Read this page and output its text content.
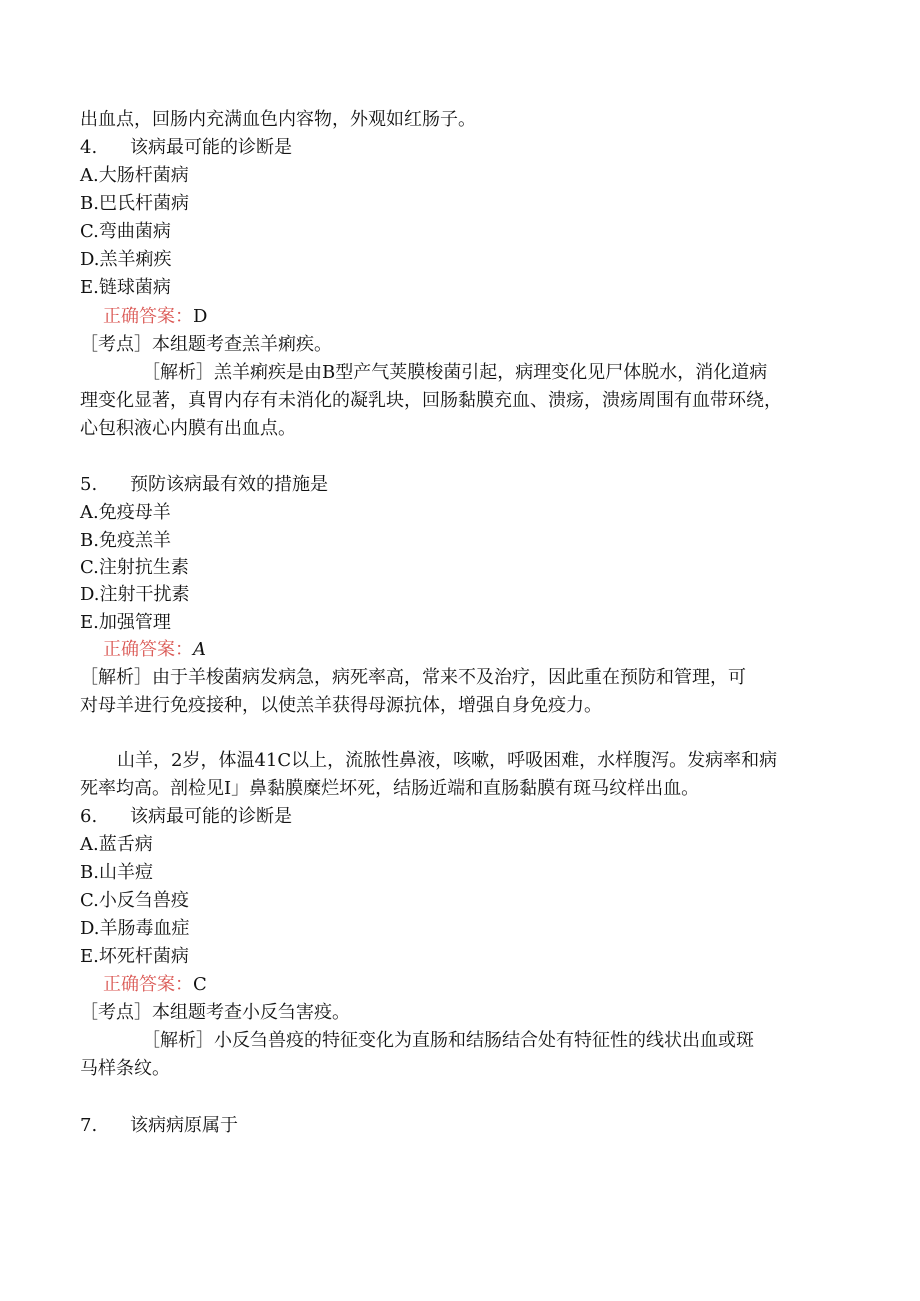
出血点，回肠内充满血色内容物，外观如红肠子。
4. 该病最可能的诊断是
A.大肠杆菌病
B.巴氏杆菌病
C.弯曲菌病
D.羔羊痢疾
E.链球菌病
正确答案：D
［考点］本组题考查羔羊痢疾。
［解析］羔羊痢疾是由B型产气荚膜梭菌引起，病理变化见尸体脱水，消化道病
理变化显著，真胃内存有未消化的凝乳块，回肠黏膜充血、溃疡，溃疡周围有血带环绕，
心包积液心内膜有出血点。
5. 预防该病最有效的措施是
A.免疫母羊
B.免疫羔羊
C.注射抗生素
D.注射干扰素
E.加强管理
正确答案：A
［解析］由于羊梭菌病发病急，病死率高，常来不及治疗，因此重在预防和管理，可
对母羊进行免疫接种，以使羔羊获得母源抗体，增强自身免疫力。
山羊，2岁，体温41C以上，流脓性鼻液，咳嗽，呼吸困难，水样腹泻。发病率和病
死率均高。剖检见I」鼻黏膜糜烂坏死，结肠近端和直肠黏膜有斑马纹样出血。
6. 该病最可能的诊断是
A.蓝舌病
B.山羊痘
C.小反刍兽疫
D.羊肠毒血症
E.坏死杆菌病
正确答案：C
［考点］本组题考查小反刍害疫。
［解析］小反刍兽疫的特征变化为直肠和结肠结合处有特征性的线状出血或斑
马样条纹。
7. 该病病原属于
